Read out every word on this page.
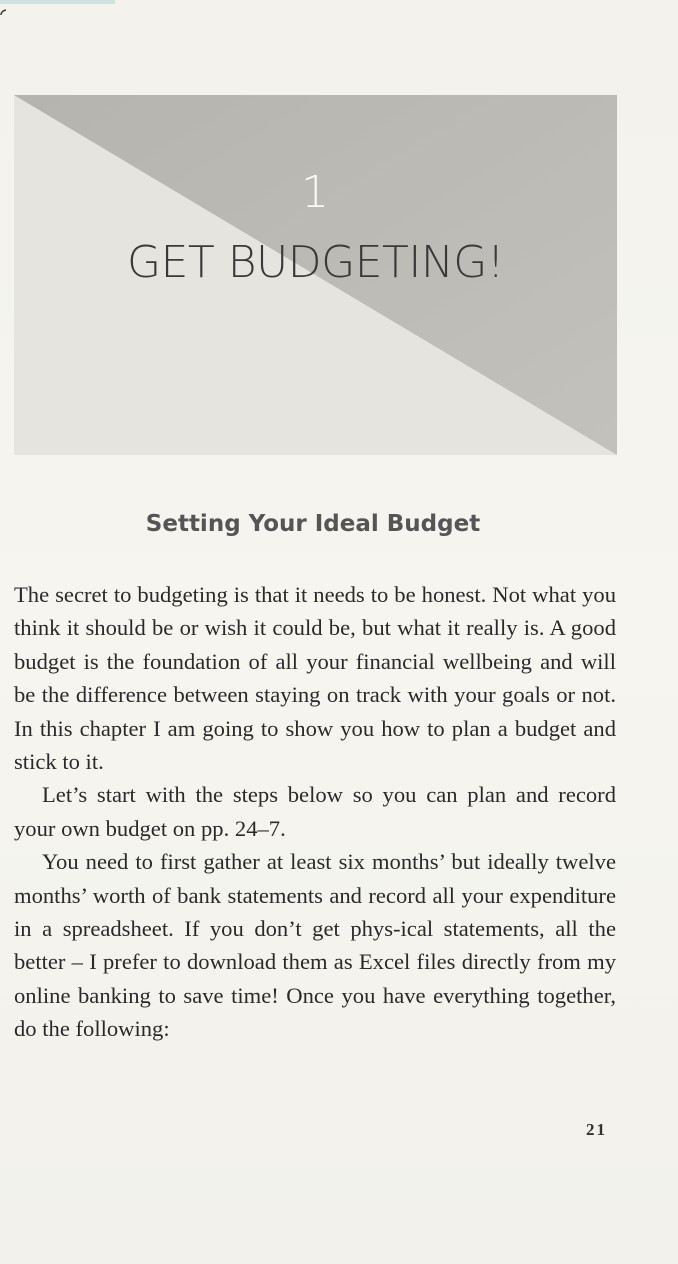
1
GET BUDGETING!
Setting Your Ideal Budget

The secret to budgeting is that it needs to be honest. Not what you think it should be or wish it could be, but what it really is. A good budget is the foundation of all your financial wellbeing and will be the difference between staying on track with your goals or not. In this chapter I am going to show you how to plan a budget and stick to it.

Let’s start with the steps below so you can plan and record your own budget on pp. 24–7.

You need to first gather at least six months’ but ideally twelve months’ worth of bank statements and record all your expenditure in a spreadsheet. If you don’t get phys-ical statements, all the better – I prefer to download them as Excel files directly from my online banking to save time! Once you have everything together, do the following:

21
